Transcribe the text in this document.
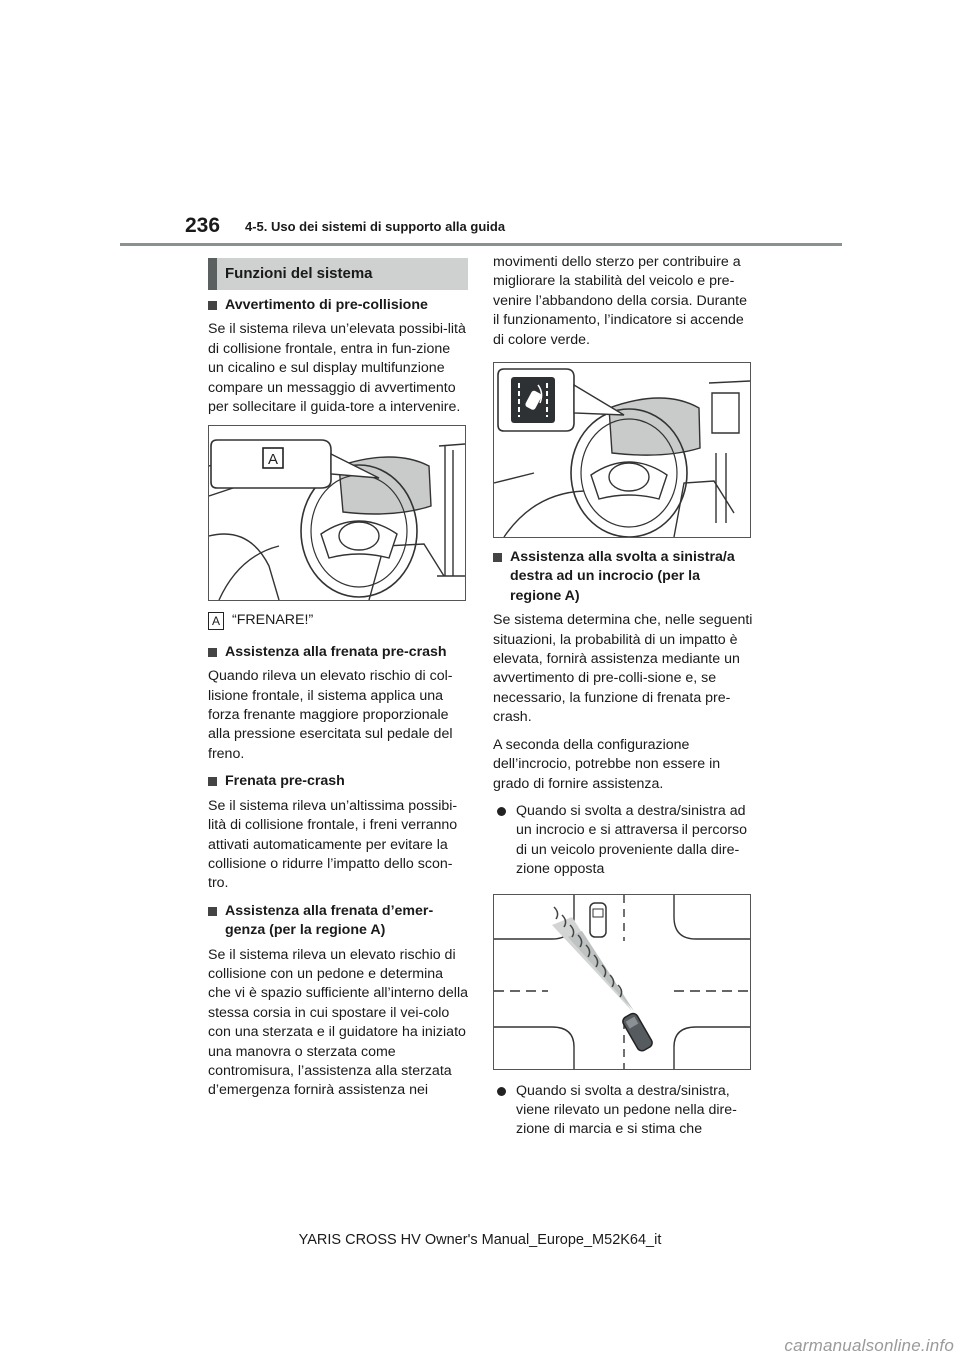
236 4-5. Uso dei sistemi di supporto alla guida
Funzioni del sistema
Avvertimento di pre-collisione

Se il sistema rileva un’elevata possibi-lità di collisione frontale, entra in fun-zione un cicalino e sul display multifunzione compare un messaggio di avvertimento per sollecitare il guida-tore a intervenire.

A
A “FRENARE!”
Assistenza alla frenata pre-crash

Quando rileva un elevato rischio di col-lisione frontale, il sistema applica una forza frenante maggiore proporzionale alla pressione esercitata sul pedale del freno.

Frenata pre-crash

Se il sistema rileva un’altissima possibi-lità di collisione frontale, i freni verranno attivati automaticamente per evitare la collisione o ridurre l’impatto dello scon-tro.

Assistenza alla frenata d’emer-genza (per la regione A)

Se il sistema rileva un elevato rischio di collisione con un pedone e determina che vi è spazio sufficiente all’interno della stessa corsia in cui spostare il vei-colo con una sterzata e il guidatore ha iniziato una manovra o sterzata come contromisura, l’assistenza alla sterzata d’emergenza fornirà assistenza nei

movimenti dello sterzo per contribuire a migliorare la stabilità del veicolo e pre-venire l’abbandono della corsia. Durante il funzionamento, l’indicatore si accende di colore verde.

Assistenza alla svolta a sinistra/a destra ad un incrocio (per la regione A)

Se sistema determina che, nelle seguenti situazioni, la probabilità di un impatto è elevata, fornirà assistenza mediante un avvertimento di pre-colli-sione e, se necessario, la funzione di frenata pre-crash.

A seconda della configurazione dell’incrocio, potrebbe non essere in grado di fornire assistenza.

Quando si svolta a destra/sinistra ad un incrocio e si attraversa il percorso di un veicolo proveniente dalla dire-zione opposta
Quando si svolta a destra/sinistra, viene rilevato un pedone nella dire-zione di marcia e si stima che
YARIS CROSS HV Owner's Manual_Europe_M52K64_it
carmanualsonline.info
